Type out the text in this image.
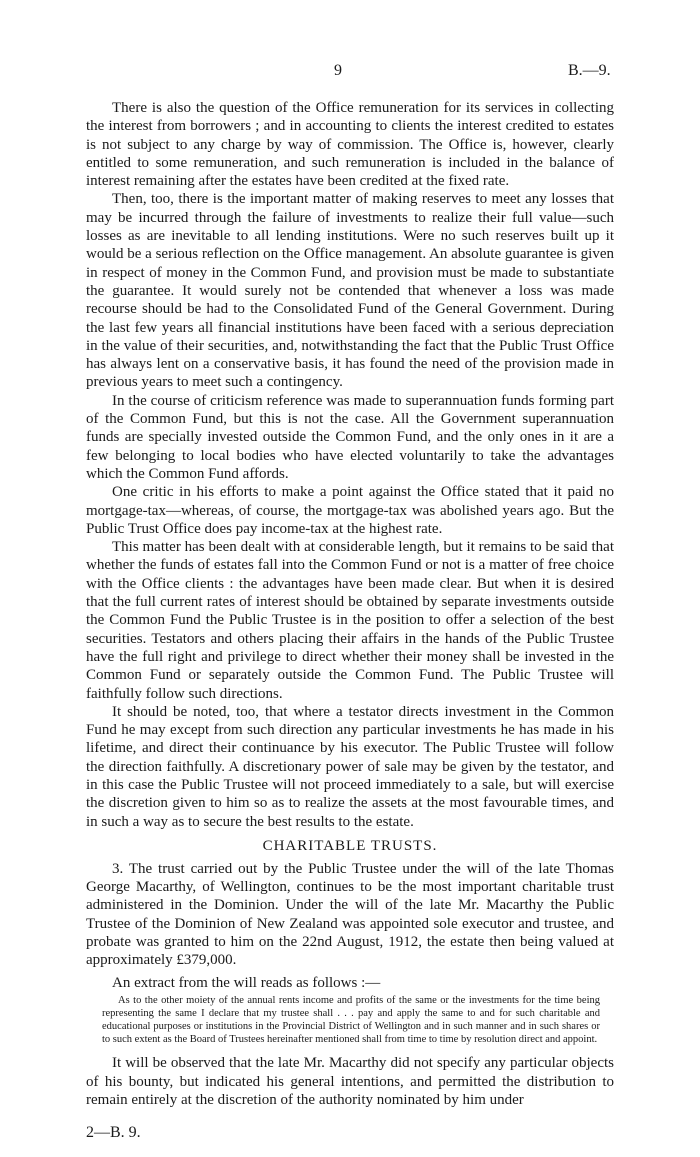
9	B.—9.

There is also the question of the Office remuneration for its services in collecting the interest from borrowers ; and in accounting to clients the interest credited to estates is not subject to any charge by way of commission. The Office is, however, clearly entitled to some remuneration, and such remuneration is included in the balance of interest remaining after the estates have been credited at the fixed rate.

Then, too, there is the important matter of making reserves to meet any losses that may be incurred through the failure of investments to realize their full value—such losses as are inevitable to all lending institutions. Were no such reserves built up it would be a serious reflection on the Office management. An absolute guarantee is given in respect of money in the Common Fund, and provision must be made to substantiate the guarantee. It would surely not be contended that whenever a loss was made recourse should be had to the Consolidated Fund of the General Government. During the last few years all financial institutions have been faced with a serious depreciation in the value of their securities, and, notwithstanding the fact that the Public Trust Office has always lent on a conservative basis, it has found the need of the provision made in previous years to meet such a contingency.

In the course of criticism reference was made to superannuation funds forming part of the Common Fund, but this is not the case. All the Government superannuation funds are specially invested outside the Common Fund, and the only ones in it are a few belonging to local bodies who have elected voluntarily to take the advantages which the Common Fund affords.

One critic in his efforts to make a point against the Office stated that it paid no mortgage-tax—whereas, of course, the mortgage-tax was abolished years ago. But the Public Trust Office does pay income-tax at the highest rate.

This matter has been dealt with at considerable length, but it remains to be said that whether the funds of estates fall into the Common Fund or not is a matter of free choice with the Office clients : the advantages have been made clear. But when it is desired that the full current rates of interest should be obtained by separate investments outside the Common Fund the Public Trustee is in the position to offer a selection of the best securities. Testators and others placing their affairs in the hands of the Public Trustee have the full right and privilege to direct whether their money shall be invested in the Common Fund or separately outside the Common Fund. The Public Trustee will faithfully follow such directions.

It should be noted, too, that where a testator directs investment in the Common Fund he may except from such direction any particular investments he has made in his lifetime, and direct their continuance by his executor. The Public Trustee will follow the direction faithfully. A discretionary power of sale may be given by the testator, and in this case the Public Trustee will not proceed immediately to a sale, but will exercise the discretion given to him so as to realize the assets at the most favourable times, and in such a way as to secure the best results to the estate.

CHARITABLE TRUSTS.

3. The trust carried out by the Public Trustee under the will of the late Thomas George Macarthy, of Wellington, continues to be the most important charitable trust administered in the Dominion. Under the will of the late Mr. Macarthy the Public Trustee of the Dominion of New Zealand was appointed sole executor and trustee, and probate was granted to him on the 22nd August, 1912, the estate then being valued at approximately £379,000.

An extract from the will reads as follows :—

As to the other moiety of the annual rents income and profits of the same or the investments for the time being representing the same I declare that my trustee shall . . . pay and apply the same to and for such charitable and educational purposes or institutions in the Provincial District of Wellington and in such manner and in such shares or to such extent as the Board of Trustees hereinafter mentioned shall from time to time by resolution direct and appoint.

It will be observed that the late Mr. Macarthy did not specify any particular objects of his bounty, but indicated his general intentions, and permitted the distribution to remain entirely at the discretion of the authority nominated by him under

2—B. 9.
